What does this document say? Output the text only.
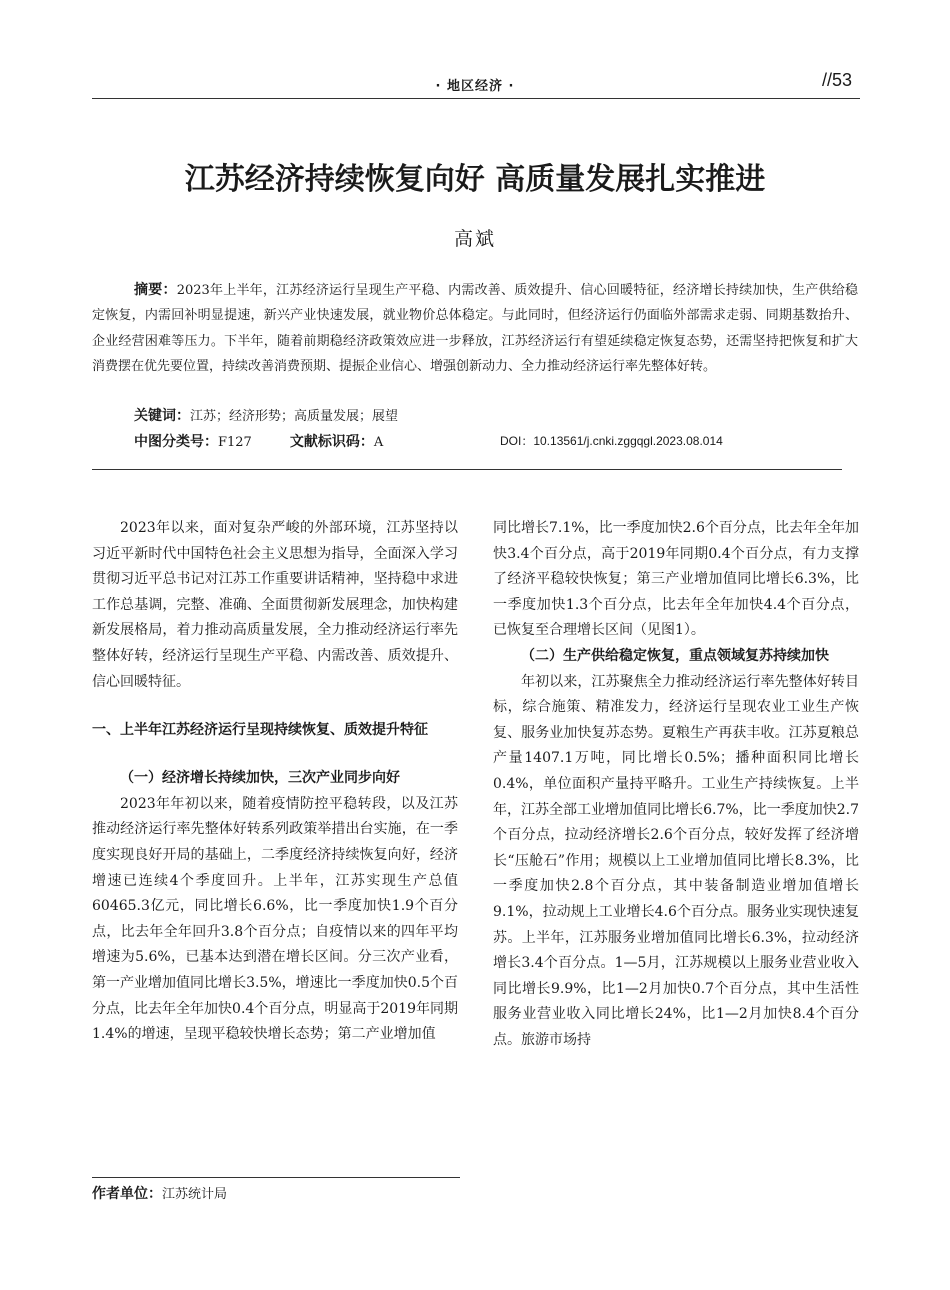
· 地区经济 ·	//53
江苏经济持续恢复向好 高质量发展扎实推进
高斌
摘要：2023年上半年，江苏经济运行呈现生产平稳、内需改善、质效提升、信心回暖特征，经济增长持续加快，生产供给稳定恢复，内需回补明显提速，新兴产业快速发展，就业物价总体稳定。与此同时，但经济运行仍面临外部需求走弱、同期基数抬升、企业经营困难等压力。下半年，随着前期稳经济政策效应进一步释放，江苏经济运行有望延续稳定恢复态势，还需坚持把恢复和扩大消费摆在优先要位置，持续改善消费预期、提振企业信心、增强创新动力、全力推动经济运行率先整体好转。
关键词：江苏；经济形势；高质量发展；展望
中图分类号：F127	文献标识码：A	DOI：10.13561/j.cnki.zggqgl.2023.08.014

2023年以来，面对复杂严峻的外部环境，江苏坚持以习近平新时代中国特色社会主义思想为指导，全面深入学习贯彻习近平总书记对江苏工作重要讲话精神，坚持稳中求进工作总基调，完整、准确、全面贯彻新发展理念，加快构建新发展格局，着力推动高质量发展，全力推动经济运行率先整体好转，经济运行呈现生产平稳、内需改善、质效提升、信心回暖特征。

一、上半年江苏经济运行呈现持续恢复、质效提升特征

（一）经济增长持续加快，三次产业同步向好

2023年年初以来，随着疫情防控平稳转段，以及江苏推动经济运行率先整体好转系列政策举措出台实施，在一季度实现良好开局的基础上，二季度经济持续恢复向好，经济增速已连续4个季度回升。上半年，江苏实现生产总值60465.3亿元，同比增长6.6%，比一季度加快1.9个百分点，比去年全年回升3.8个百分点；自疫情以来的四年平均增速为5.6%，已基本达到潜在增长区间。分三次产业看，第一产业增加值同比增长3.5%，增速比一季度加快0.5个百分点，比去年全年加快0.4个百分点，明显高于2019年同期1.4%的增速，呈现平稳较快增长态势；第二产业增加值

同比增长7.1%，比一季度加快2.6个百分点，比去年全年加快3.4个百分点，高于2019年同期0.4个百分点，有力支撑了经济平稳较快恢复；第三产业增加值同比增长6.3%，比一季度加快1.3个百分点，比去年全年加快4.4个百分点，已恢复至合理增长区间（见图1）。

（二）生产供给稳定恢复，重点领域复苏持续加快

年初以来，江苏聚焦全力推动经济运行率先整体好转目标，综合施策、精准发力，经济运行呈现农业工业生产恢复、服务业加快复苏态势。夏粮生产再获丰收。江苏夏粮总产量1407.1万吨，同比增长0.5%；播种面积同比增长0.4%，单位面积产量持平略升。工业生产持续恢复。上半年，江苏全部工业增加值同比增长6.7%，比一季度加快2.7个百分点，拉动经济增长2.6个百分点，较好发挥了经济增长“压舱石”作用；规模以上工业增加值同比增长8.3%，比一季度加快2.8个百分点，其中装备制造业增加值增长9.1%，拉动规上工业增长4.6个百分点。服务业实现快速复苏。上半年，江苏服务业增加值同比增长6.3%，拉动经济增长3.4个百分点。1—5月，江苏规模以上服务业营业收入同比增长9.9%，比1—2月加快0.7个百分点，其中生活性服务业营业收入同比增长24%，比1—2月加快8.4个百分点。旅游市场持

作者单位：江苏统计局
